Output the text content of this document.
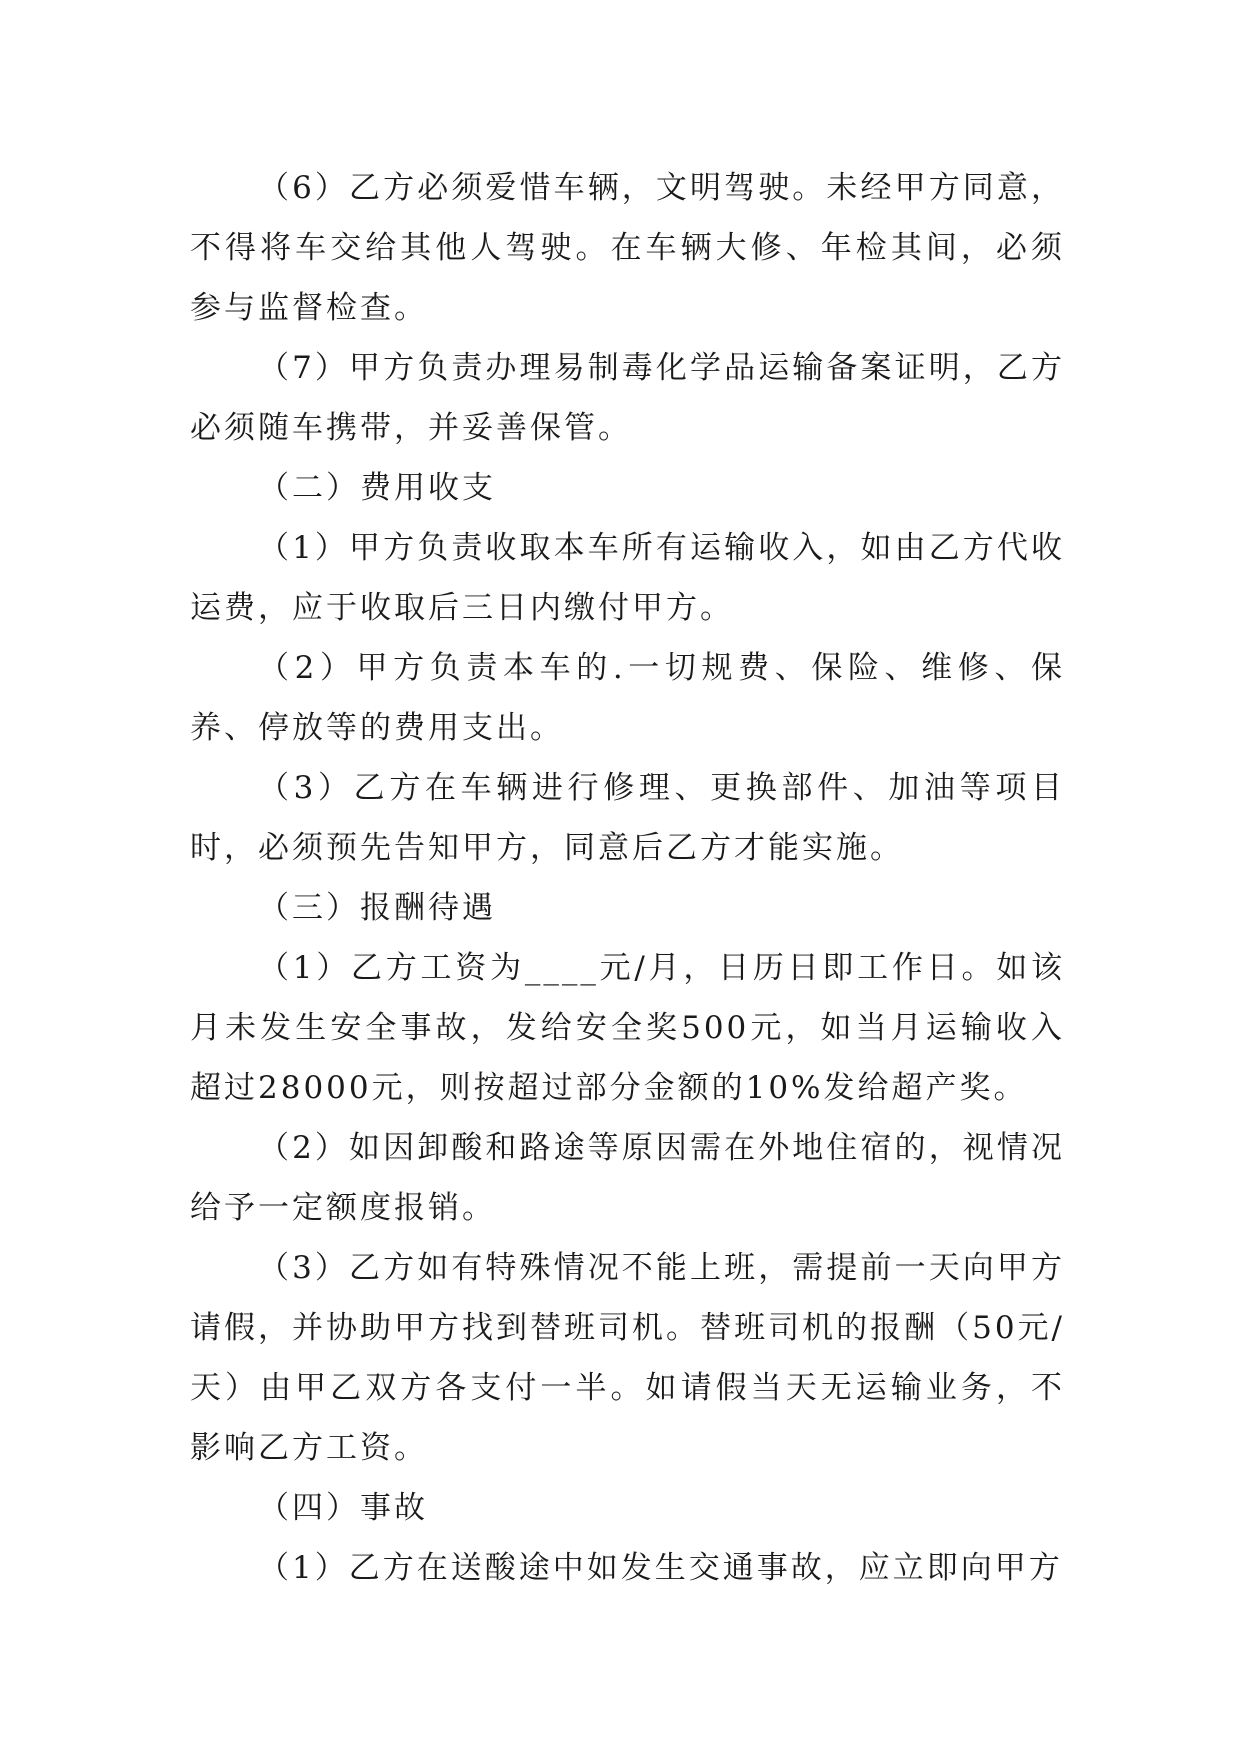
（6）乙方必须爱惜车辆，文明驾驶。未经甲方同意，不得将车交给其他人驾驶。在车辆大修、年检其间，必须参与监督检查。

（7）甲方负责办理易制毒化学品运输备案证明，乙方必须随车携带，并妥善保管。

（二）费用收支

（1）甲方负责收取本车所有运输收入，如由乙方代收运费，应于收取后三日内缴付甲方。

（2）甲方负责本车的.一切规费、保险、维修、保养、停放等的费用支出。

（3）乙方在车辆进行修理、更换部件、加油等项目时，必须预先告知甲方，同意后乙方才能实施。

（三）报酬待遇

（1）乙方工资为____元/月，日历日即工作日。如该月未发生安全事故，发给安全奖500元，如当月运输收入超过28000元，则按超过部分金额的10%发给超产奖。

（2）如因卸酸和路途等原因需在外地住宿的，视情况给予一定额度报销。

（3）乙方如有特殊情况不能上班，需提前一天向甲方请假，并协助甲方找到替班司机。替班司机的报酬（50元/天）由甲乙双方各支付一半。如请假当天无运输业务，不影响乙方工资。

（四）事故

（1）乙方在送酸途中如发生交通事故，应立即向甲方
